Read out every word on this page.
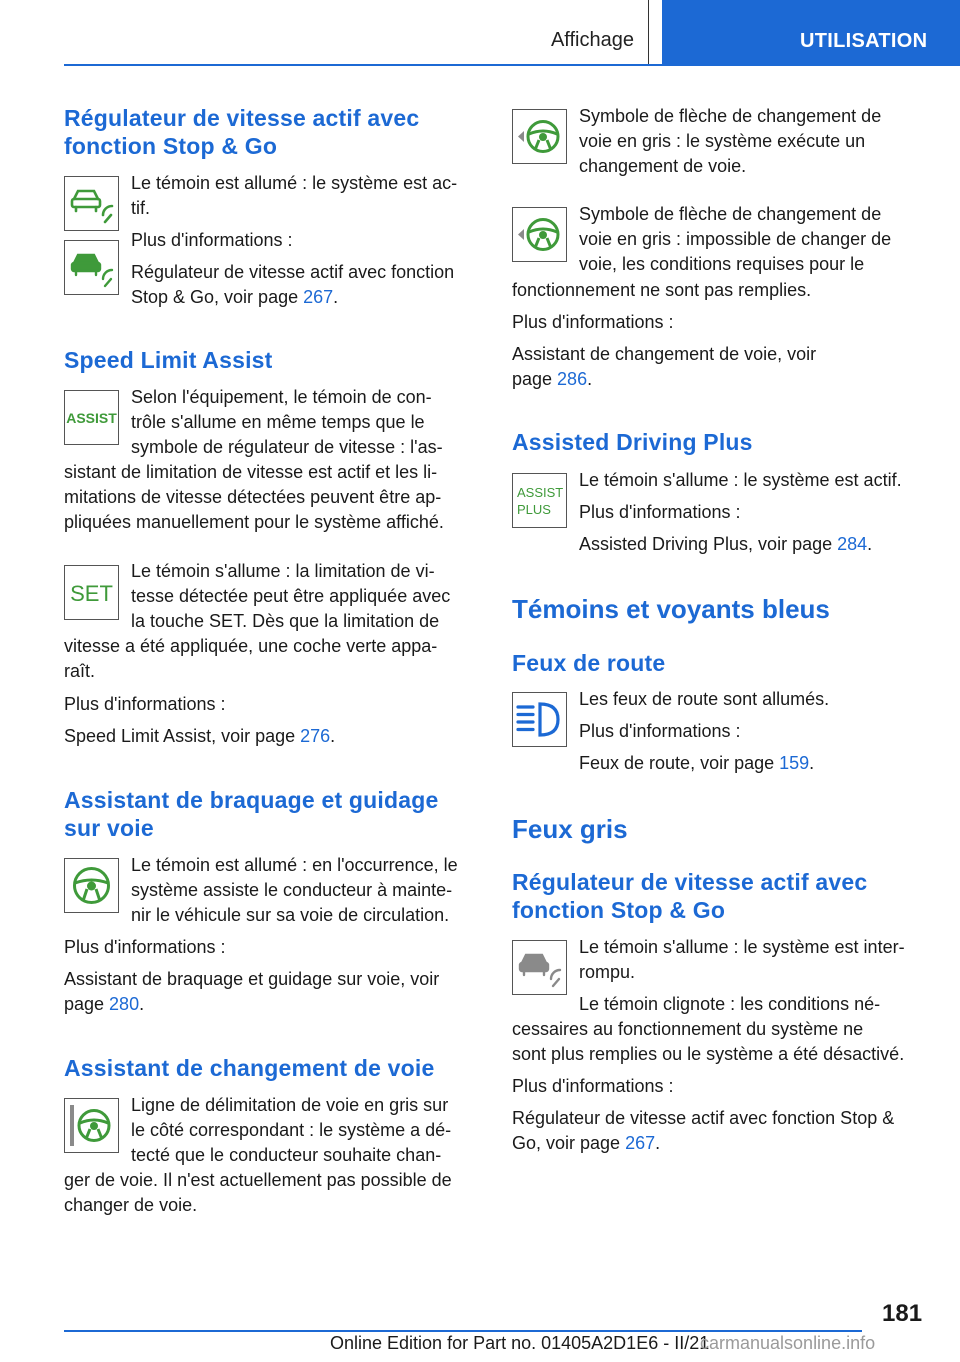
Affichage	UTILISATION
Régulateur de vitesse actif avec
fonction Stop & Go
Le témoin est allumé : le système est ac-
tif.
Plus d'informations :
Régulateur de vitesse actif avec fonction
Stop & Go, voir page 267.
Speed Limit Assist
ASSIST
Selon l'équipement, le témoin de con-
trôle s'allume en même temps que le
symbole de régulateur de vitesse : l'as-
sistant de limitation de vitesse est actif et les li-
mitations de vitesse détectées peuvent être ap-
pliquées manuellement pour le système affiché.
SET
Le témoin s'allume : la limitation de vi-
tesse détectée peut être appliquée avec
la touche SET. Dès que la limitation de
vitesse a été appliquée, une coche verte appa-
raît.
Plus d'informations :
Speed Limit Assist, voir page 276.
Assistant de braquage et guidage
sur voie
Le témoin est allumé : en l'occurrence, le
système assiste le conducteur à mainte-
nir le véhicule sur sa voie de circulation.
Plus d'informations :
Assistant de braquage et guidage sur voie, voir
page 280.
Assistant de changement de voie
Ligne de délimitation de voie en gris sur
le côté correspondant : le système a dé-
tecté que le conducteur souhaite chan-
ger de voie. Il n'est actuellement pas possible de
changer de voie.
Symbole de flèche de changement de
voie en gris : le système exécute un
changement de voie.
Symbole de flèche de changement de
voie en gris : impossible de changer de
voie, les conditions requises pour le
fonctionnement ne sont pas remplies.
Plus d'informations :
Assistant de changement de voie, voir
page 286.
Assisted Driving Plus
ASSIST
PLUS
Le témoin s'allume : le système est actif.
Plus d'informations :
Assisted Driving Plus, voir page 284.
Témoins et voyants bleus
Feux de route
Les feux de route sont allumés.
Plus d'informations :
Feux de route, voir page 159.
Feux gris
Régulateur de vitesse actif avec
fonction Stop & Go
Le témoin s'allume : le système est inter-
rompu.
Le témoin clignote : les conditions né-
cessaires au fonctionnement du système ne
sont plus remplies ou le système a été désactivé.
Plus d'informations :
Régulateur de vitesse actif avec fonction Stop &
Go, voir page 267.
181
Online Edition for Part no. 01405A2D1E6 - II/21
carmanualsonline.info
